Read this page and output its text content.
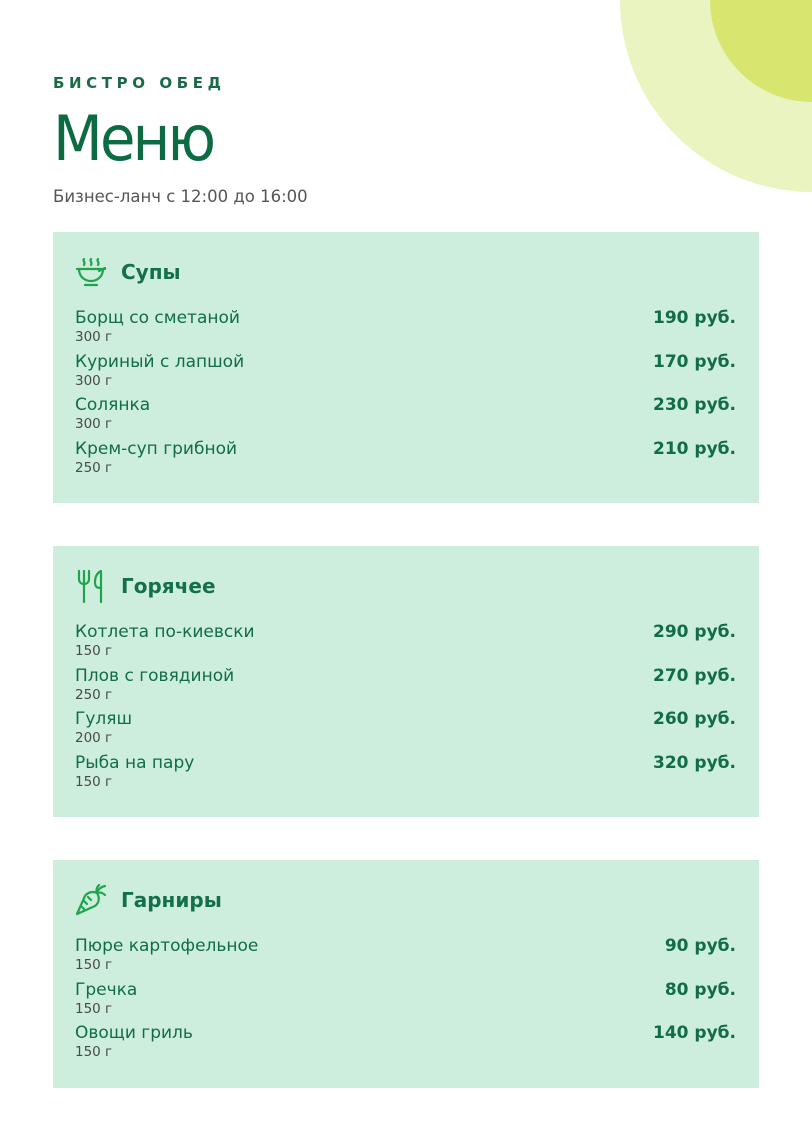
БИСТРО ОБЕД
Меню
Бизнес-ланч с 12:00 до 16:00
Супы
Борщ со сметаной
300 г
190 руб.
Куриный с лапшой
300 г
170 руб.
Солянка
300 г
230 руб.
Крем-суп грибной
250 г
210 руб.
Горячее
Котлета по-киевски
150 г
290 руб.
Плов с говядиной
250 г
270 руб.
Гуляш
200 г
260 руб.
Рыба на пару
150 г
320 руб.
Гарниры
Пюре картофельное
150 г
90 руб.
Гречка
150 г
80 руб.
Овощи гриль
150 г
140 руб.
